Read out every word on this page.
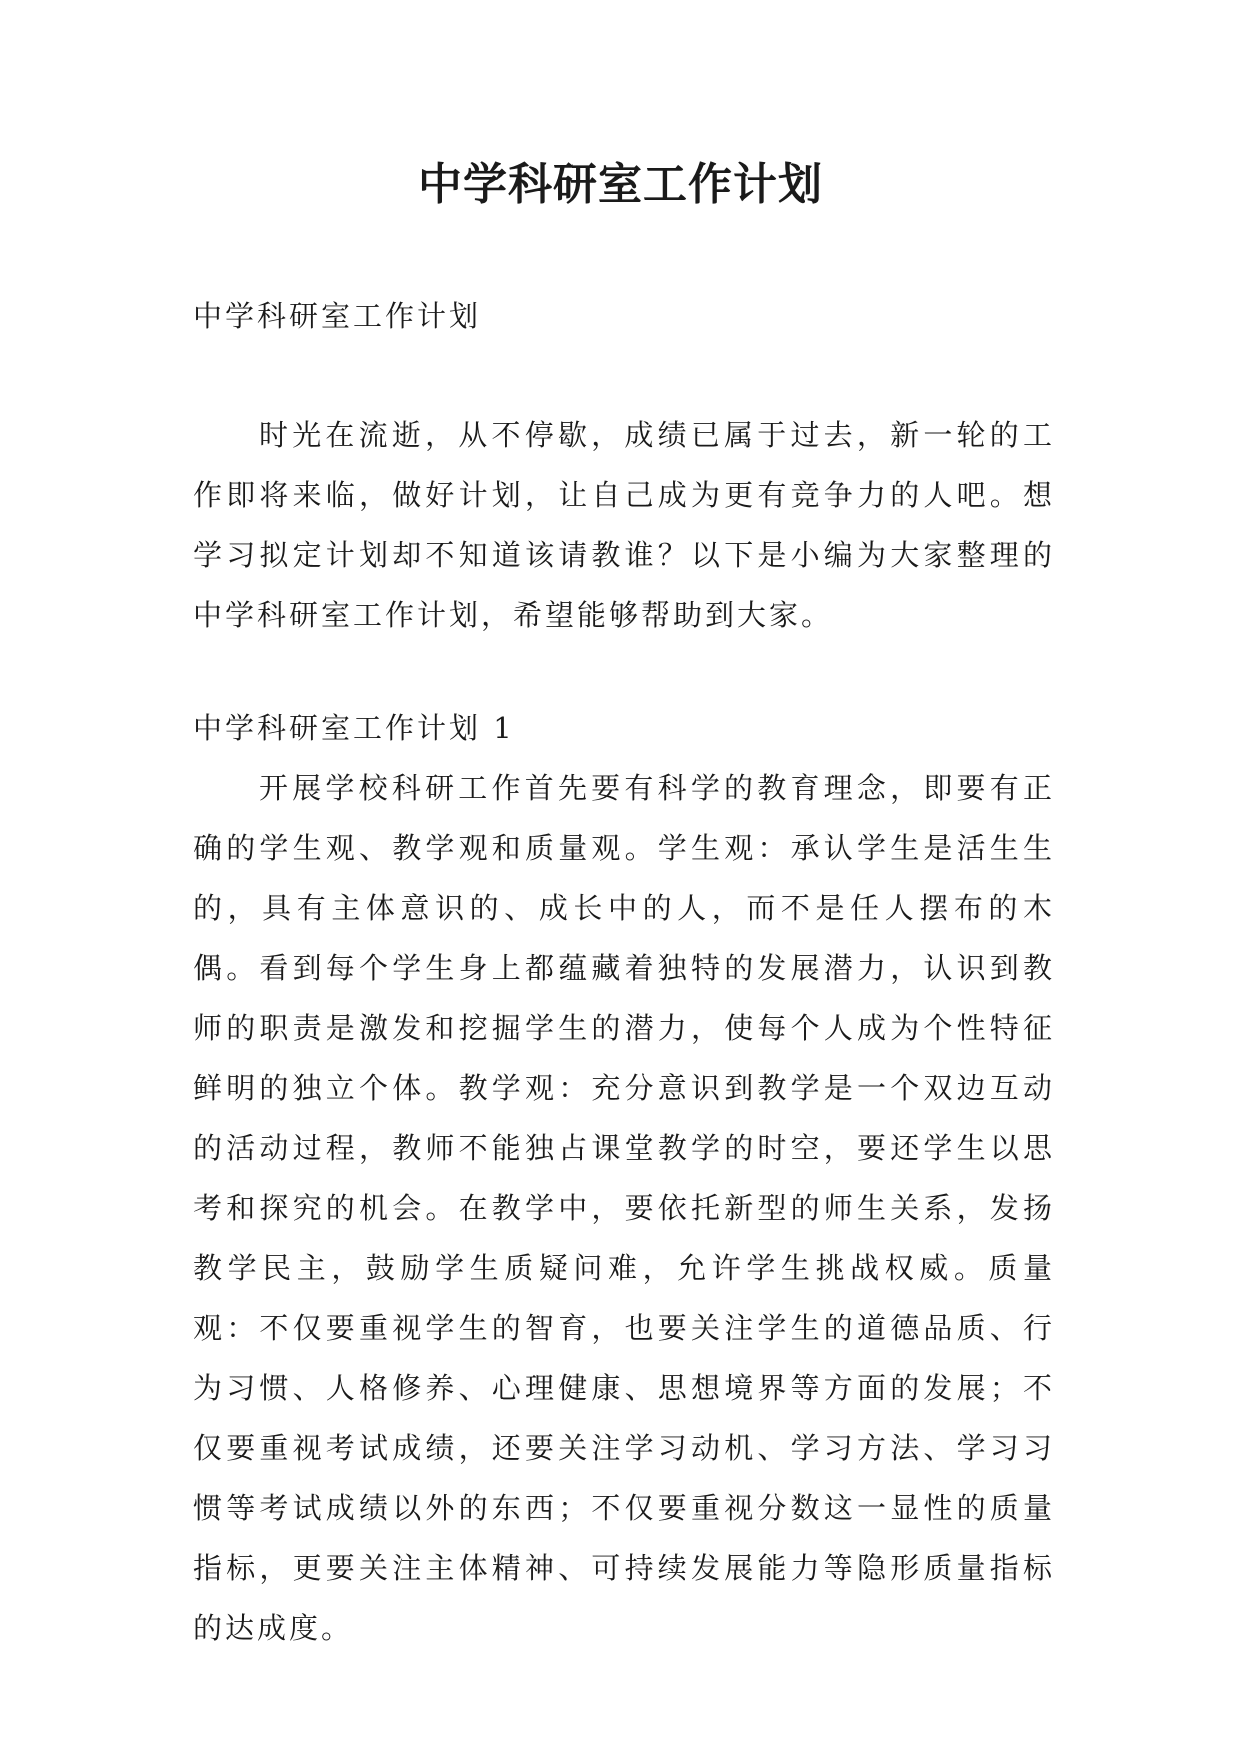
中学科研室工作计划

中学科研室工作计划

时光在流逝，从不停歇，成绩已属于过去，新一轮的工作即将来临，做好计划，让自己成为更有竞争力的人吧。想学习拟定计划却不知道该请教谁？以下是小编为大家整理的中学科研室工作计划，希望能够帮助到大家。

中学科研室工作计划 1

开展学校科研工作首先要有科学的教育理念，即要有正确的学生观、教学观和质量观。学生观：承认学生是活生生的，具有主体意识的、成长中的人，而不是任人摆布的木偶。看到每个学生身上都蕴藏着独特的发展潜力，认识到教师的职责是激发和挖掘学生的潜力，使每个人成为个性特征鲜明的独立个体。教学观：充分意识到教学是一个双边互动的活动过程，教师不能独占课堂教学的时空，要还学生以思考和探究的机会。在教学中，要依托新型的师生关系，发扬教学民主，鼓励学生质疑问难，允许学生挑战权威。质量观：不仅要重视学生的智育，也要关注学生的道德品质、行为习惯、人格修养、心理健康、思想境界等方面的发展；不仅要重视考试成绩，还要关注学习动机、学习方法、学习习惯等考试成绩以外的东西；不仅要重视分数这一显性的质量指标，更要关注主体精神、可持续发展能力等隐形质量指标的达成度。
